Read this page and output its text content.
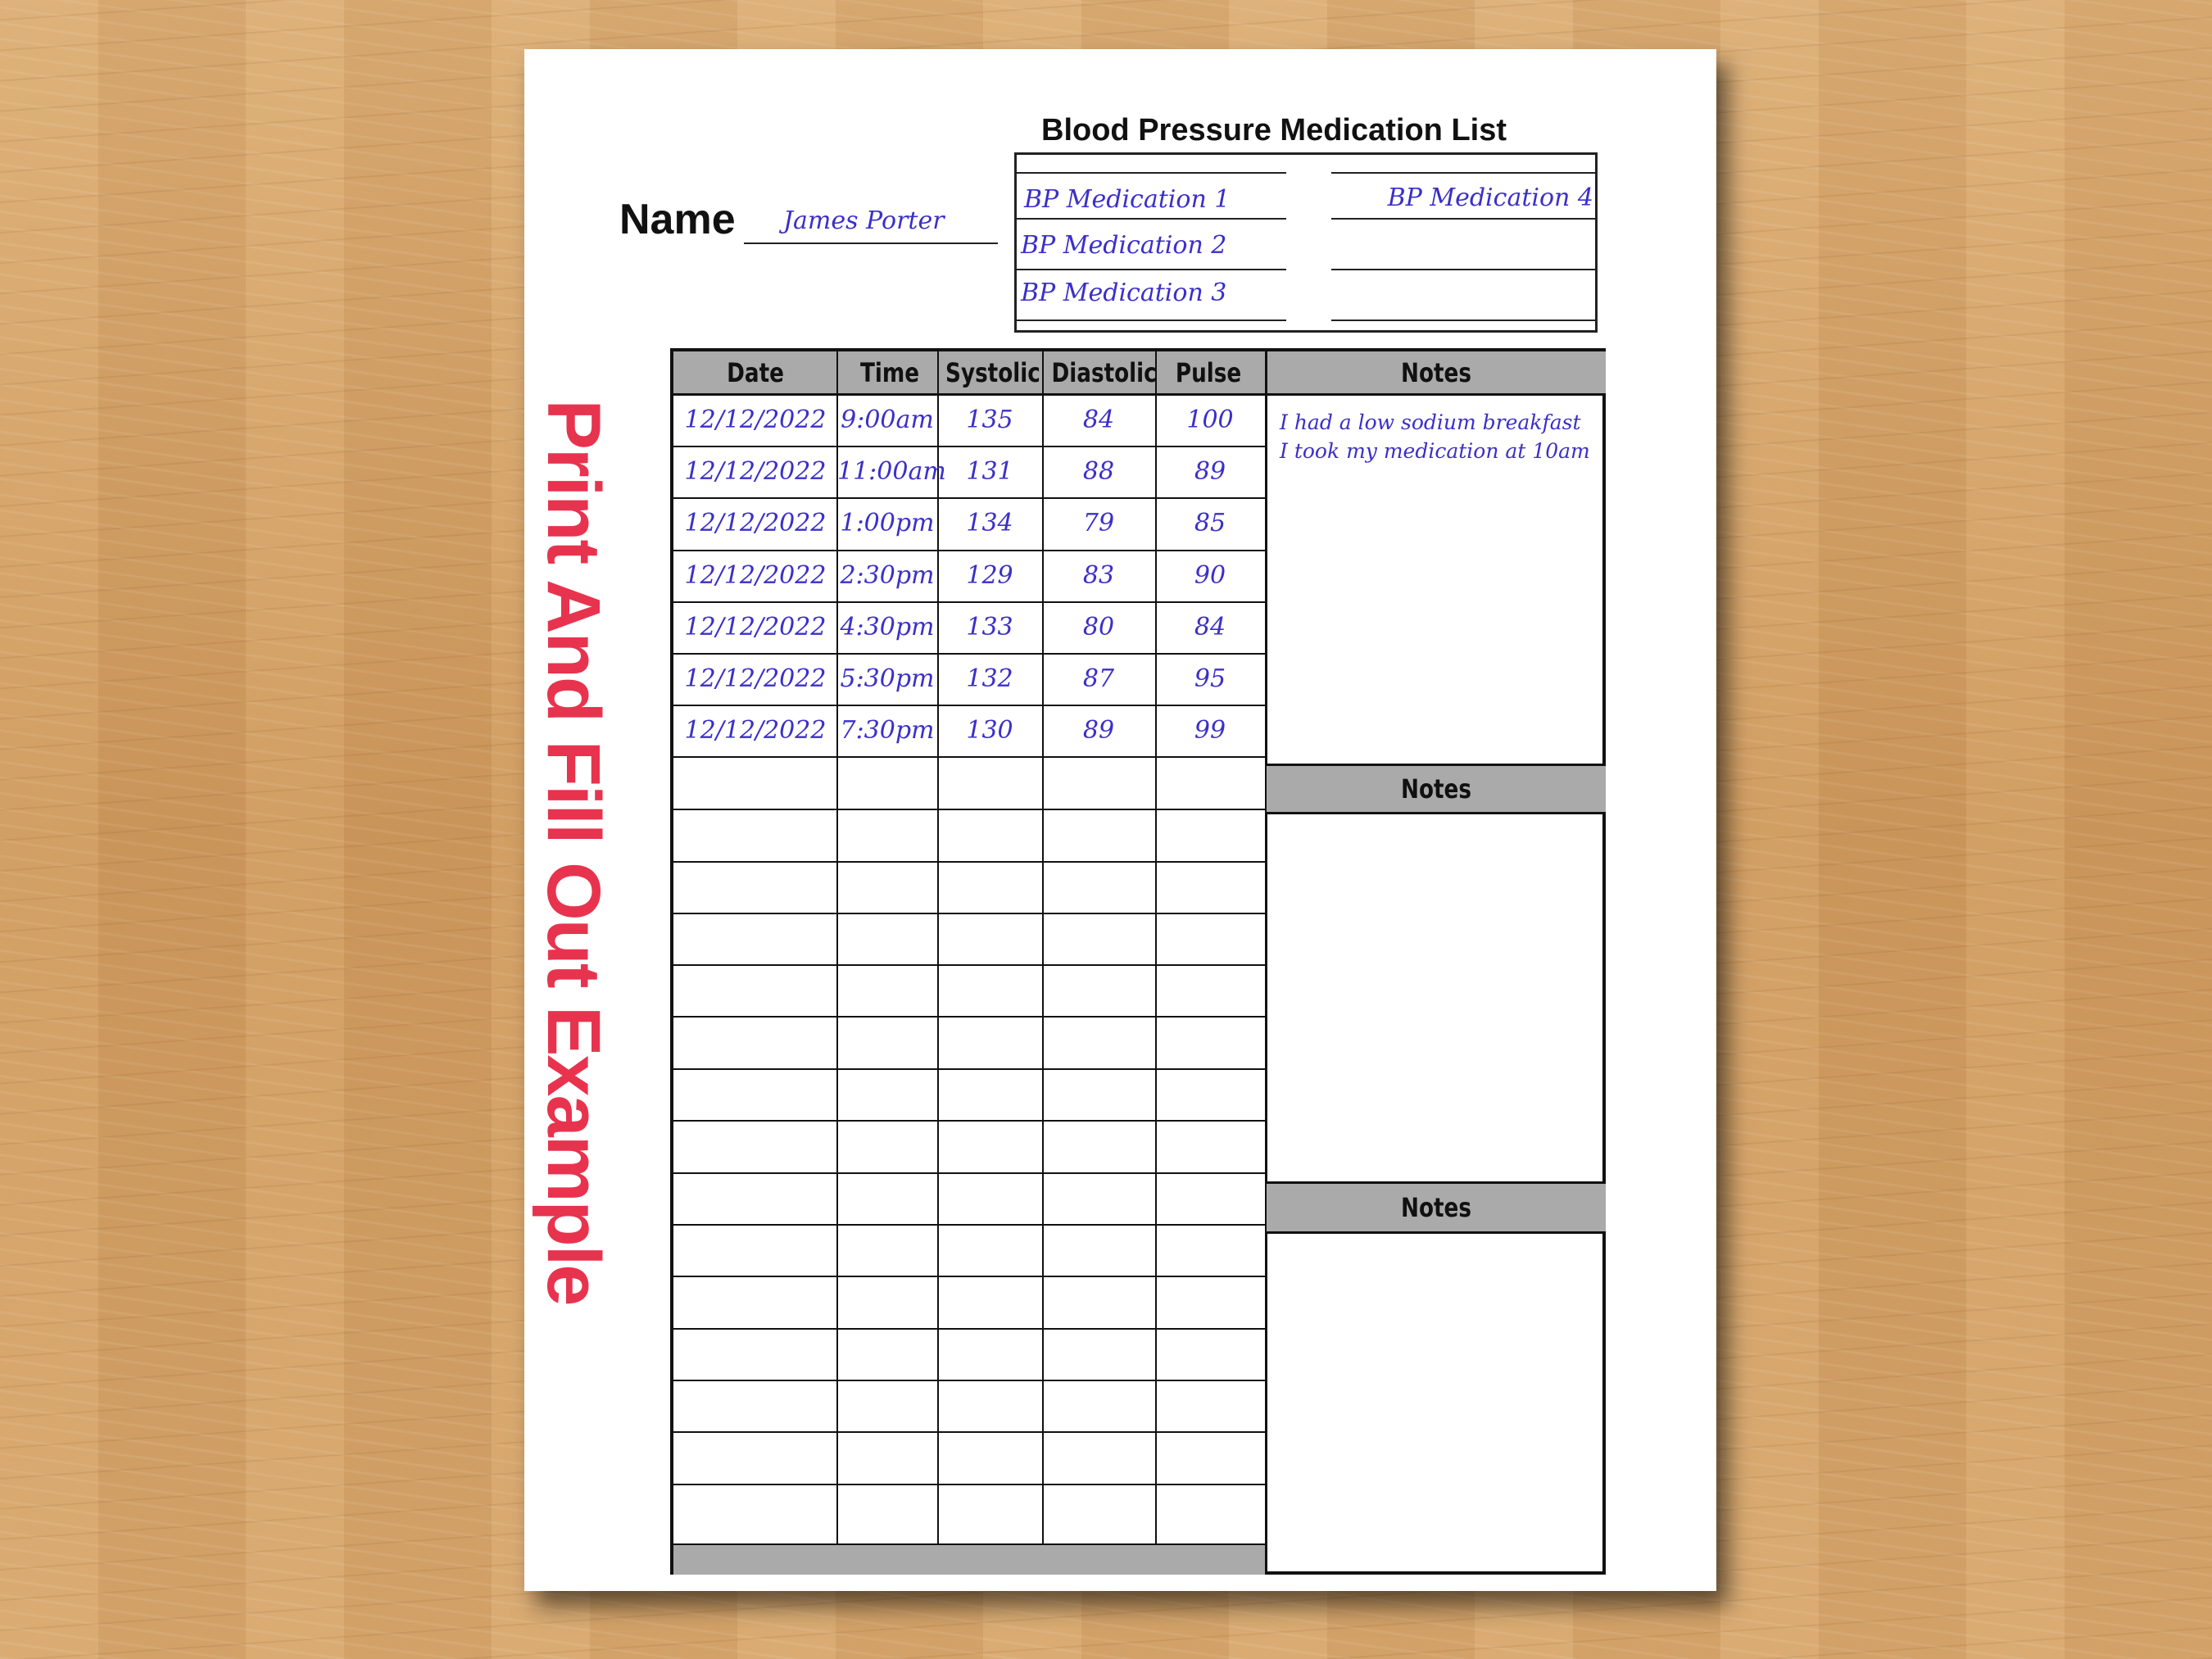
Print And Fill Out Example
Blood Pressure Medication List
BP Medication 1
BP Medication 2
BP Medication 3
BP Medication 4
Name James Porter
Date	Time	Systolic Diastolic Pulse	Notes
Notes
Notes
I had a low sodium breakfast
I took my medication at 10am
12/12/2022 9:00am	135	84	100
12/12/2022 11:00am 131	88	89
12/12/2022 1:00pm	134	79	85
12/12/2022 2:30pm	129	83	90
12/12/2022 4:30pm	133	80	84
12/12/2022 5:30pm	132	87	95
12/12/2022 7:30pm	130	89	99
